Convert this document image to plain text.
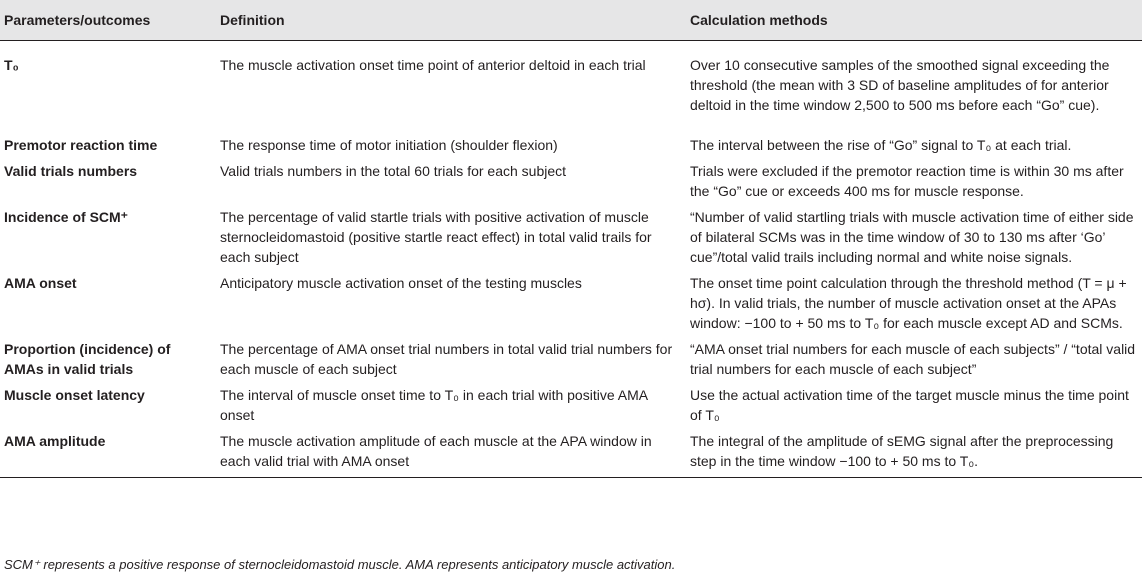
Parameters/outcomes	Definition	Calculation methods
T₀	The muscle activation onset time point of anterior deltoid in each trial	Over 10 consecutive samples of the smoothed signal exceeding the threshold (the mean with 3 SD of baseline amplitudes of for anterior deltoid in the time window 2,500 to 500 ms before each “Go” cue).
Premotor reaction time	The response time of motor initiation (shoulder flexion)	The interval between the rise of “Go” signal to T₀ at each trial.
Valid trials numbers	Valid trials numbers in the total 60 trials for each subject	Trials were excluded if the premotor reaction time is within 30 ms after the “Go” cue or exceeds 400 ms for muscle response.
Incidence of SCM⁺	The percentage of valid startle trials with positive activation of muscle sternocleidomastoid (positive startle react effect) in total valid trails for each subject	“Number of valid startling trials with muscle activation time of either side of bilateral SCMs was in the time window of 30 to 130 ms after ‘Go’ cue”/total valid trails including normal and white noise signals.
AMA onset	Anticipatory muscle activation onset of the testing muscles	The onset time point calculation through the threshold method (T = μ + hσ). In valid trials, the number of muscle activation onset at the APAs window: −100 to + 50 ms to T₀ for each muscle except AD and SCMs.
Proportion (incidence) of AMAs in valid trials	The percentage of AMA onset trial numbers in total valid trial numbers for each muscle of each subject	“AMA onset trial numbers for each muscle of each subjects” / “total valid trial numbers for each muscle of each subject”
Muscle onset latency	The interval of muscle onset time to T₀ in each trial with positive AMA onset	Use the actual activation time of the target muscle minus the time point of T₀
AMA amplitude	The muscle activation amplitude of each muscle at the APA window in each valid trial with AMA onset	The integral of the amplitude of sEMG signal after the preprocessing step in the time window −100 to + 50 ms to T₀.
SCM⁺ represents a positive response of sternocleidomastoid muscle. AMA represents anticipatory muscle activation.
